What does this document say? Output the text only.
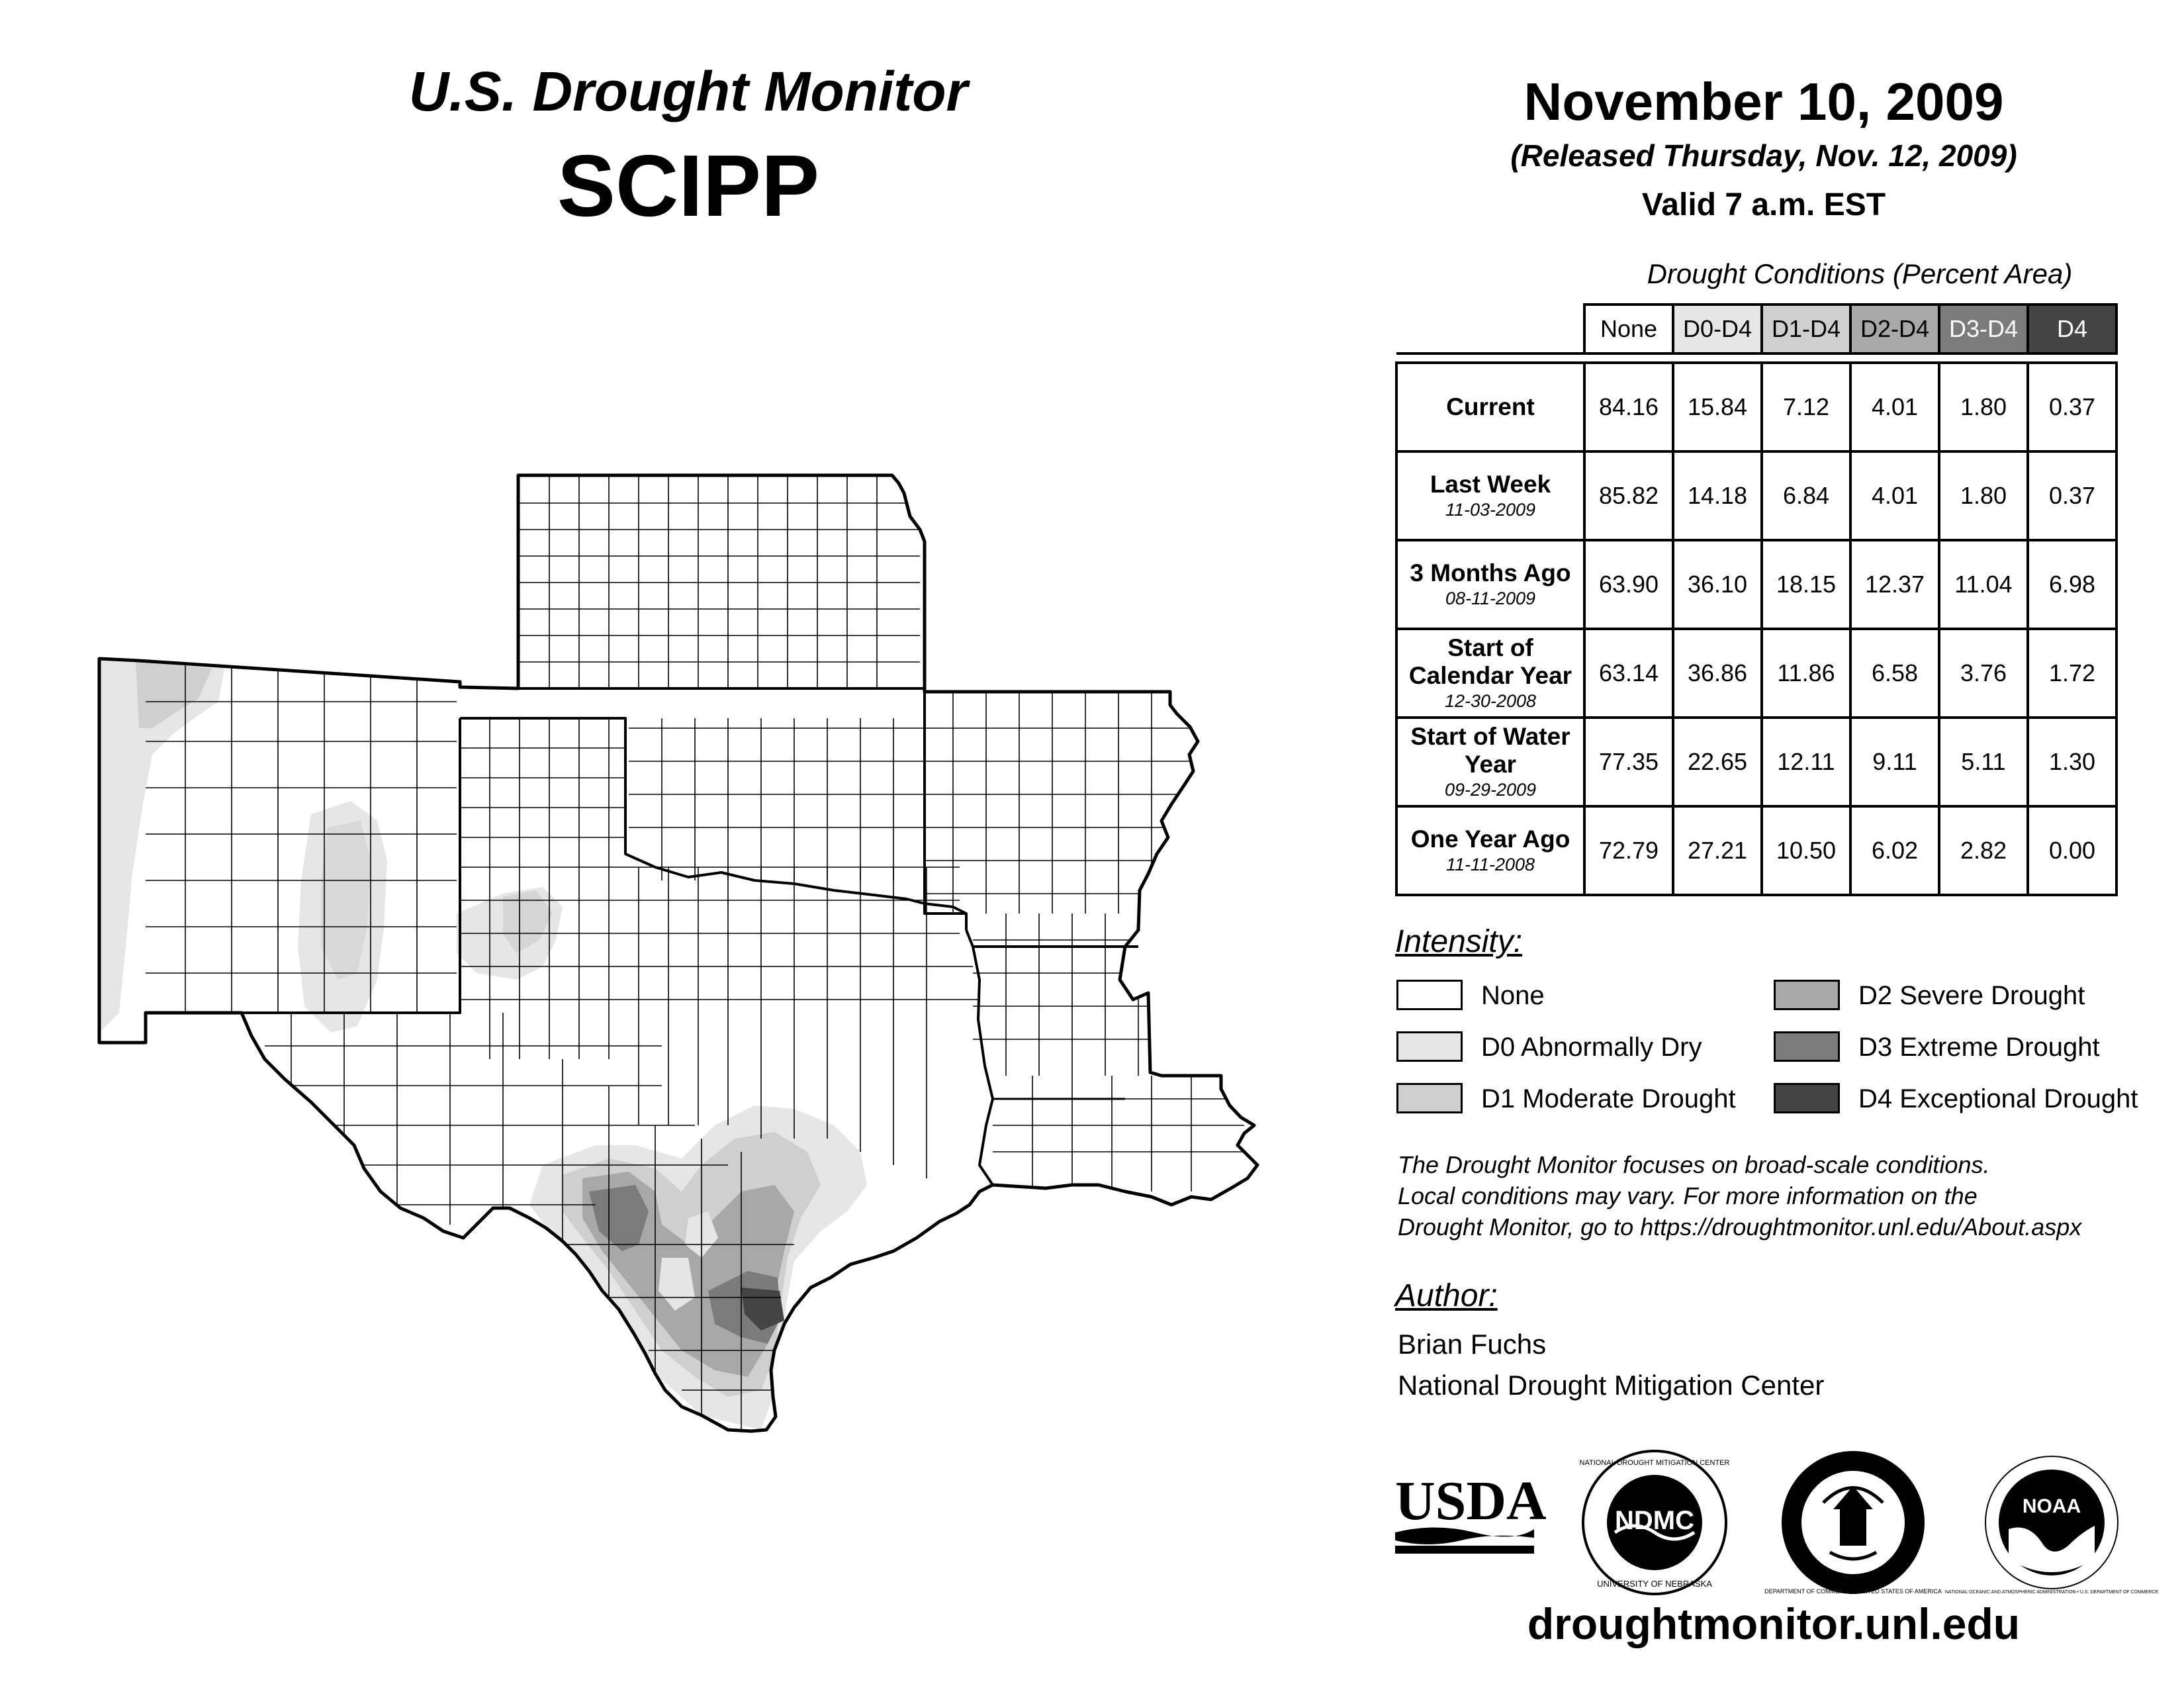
U.S. Drought Monitor
SCIPP
November 10, 2009
(Released Thursday, Nov. 12, 2009)
Valid 7 a.m. EST
Drought Conditions (Percent Area)
	None	D0-D4	D1-D4	D2-D4	D3-D4	D4

Current	84.16	15.84	7.12	4.01	1.80	0.37
Last Week
11-03-2009	85.82	14.18	6.84	4.01	1.80	0.37
3 Months Ago
08-11-2009	63.90	36.10	18.15	12.37	11.04	6.98
Start of Calendar Year
12-30-2008	63.14	36.86	11.86	6.58	3.76	1.72
Start of Water Year
09-29-2009	77.35	22.65	12.11	9.11	5.11	1.30
One Year Ago
11-11-2008	72.79	27.21	10.50	6.02	2.82	0.00
Intensity:
None
D0 Abnormally Dry
D1 Moderate Drought
D2 Severe Drought
D3 Extreme Drought
D4 Exceptional Drought
The Drought Monitor focuses on broad-scale conditions.
Local conditions may vary. For more information on the
Drought Monitor, go to https://droughtmonitor.unl.edu/About.aspx
Author:
Brian Fuchs
National Drought Mitigation Center
USDA	NDMC
NATIONAL DROUGHT MITIGATION CENTER
UNIVERSITY OF NEBRASKA
DEPARTMENT OF COMMERCE • UNITED STATES OF AMERICA
NOAA
NATIONAL OCEANIC AND ATMOSPHERIC ADMINISTRATION • U.S. DEPARTMENT OF COMMERCE
droughtmonitor.unl.edu
